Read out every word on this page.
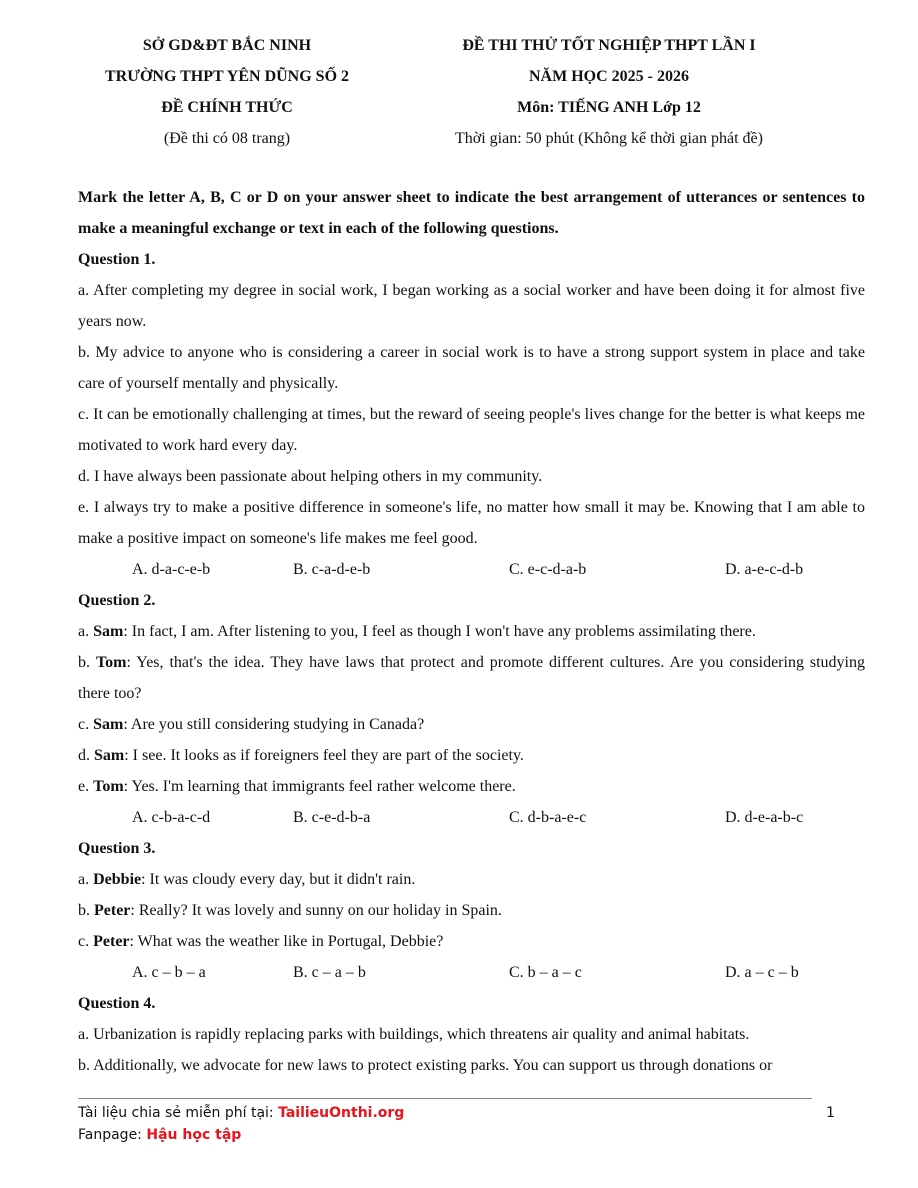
SỞ GD&ĐT BẮC NINH
TRƯỜNG THPT YÊN DŨNG SỐ 2
ĐỀ CHÍNH THỨC
(Đề thi có 08 trang)
ĐỀ THI THỬ TỐT NGHIỆP THPT LẦN I
NĂM HỌC 2025 - 2026
Môn: TIẾNG ANH Lớp 12
Thời gian: 50 phút (Không kể thời gian phát đề)

Mark the letter A, B, C or D on your answer sheet to indicate the best arrangement of utterances or sentences to make a meaningful exchange or text in each of the following questions.

Question 1.

a. After completing my degree in social work, I began working as a social worker and have been doing it for almost five years now.

b. My advice to anyone who is considering a career in social work is to have a strong support system in place and take care of yourself mentally and physically.

c. It can be emotionally challenging at times, but the reward of seeing people's lives change for the better is what keeps me motivated to work hard every day.

d. I have always been passionate about helping others in my community.

e. I always try to make a positive difference in someone's life, no matter how small it may be. Knowing that I am able to make a positive impact on someone's life makes me feel good.

A. d-a-c-e-b	B. c-a-d-e-b	C. e-c-d-a-b	D. a-e-c-d-b

Question 2.

a. Sam: In fact, I am. After listening to you, I feel as though I won't have any problems assimilating there.

b. Tom: Yes, that's the idea. They have laws that protect and promote different cultures. Are you considering studying there too?

c. Sam: Are you still considering studying in Canada?

d. Sam: I see. It looks as if foreigners feel they are part of the society.

e. Tom: Yes. I'm learning that immigrants feel rather welcome there.

A. c-b-a-c-d	B. c-e-d-b-a	C. d-b-a-e-c	D. d-e-a-b-c

Question 3.

a. Debbie: It was cloudy every day, but it didn't rain.

b. Peter: Really? It was lovely and sunny on our holiday in Spain.

c. Peter: What was the weather like in Portugal, Debbie?

A. c – b – a	B. c – a – b	C. b – a – c	D. a – c – b

Question 4.

a. Urbanization is rapidly replacing parks with buildings, which threatens air quality and animal habitats.

b. Additionally, we advocate for new laws to protect existing parks. You can support us through donations or

Tài liệu chia sẻ miễn phí tại: TailieuOnthi.org
Fanpage: Hậu học tập
1
